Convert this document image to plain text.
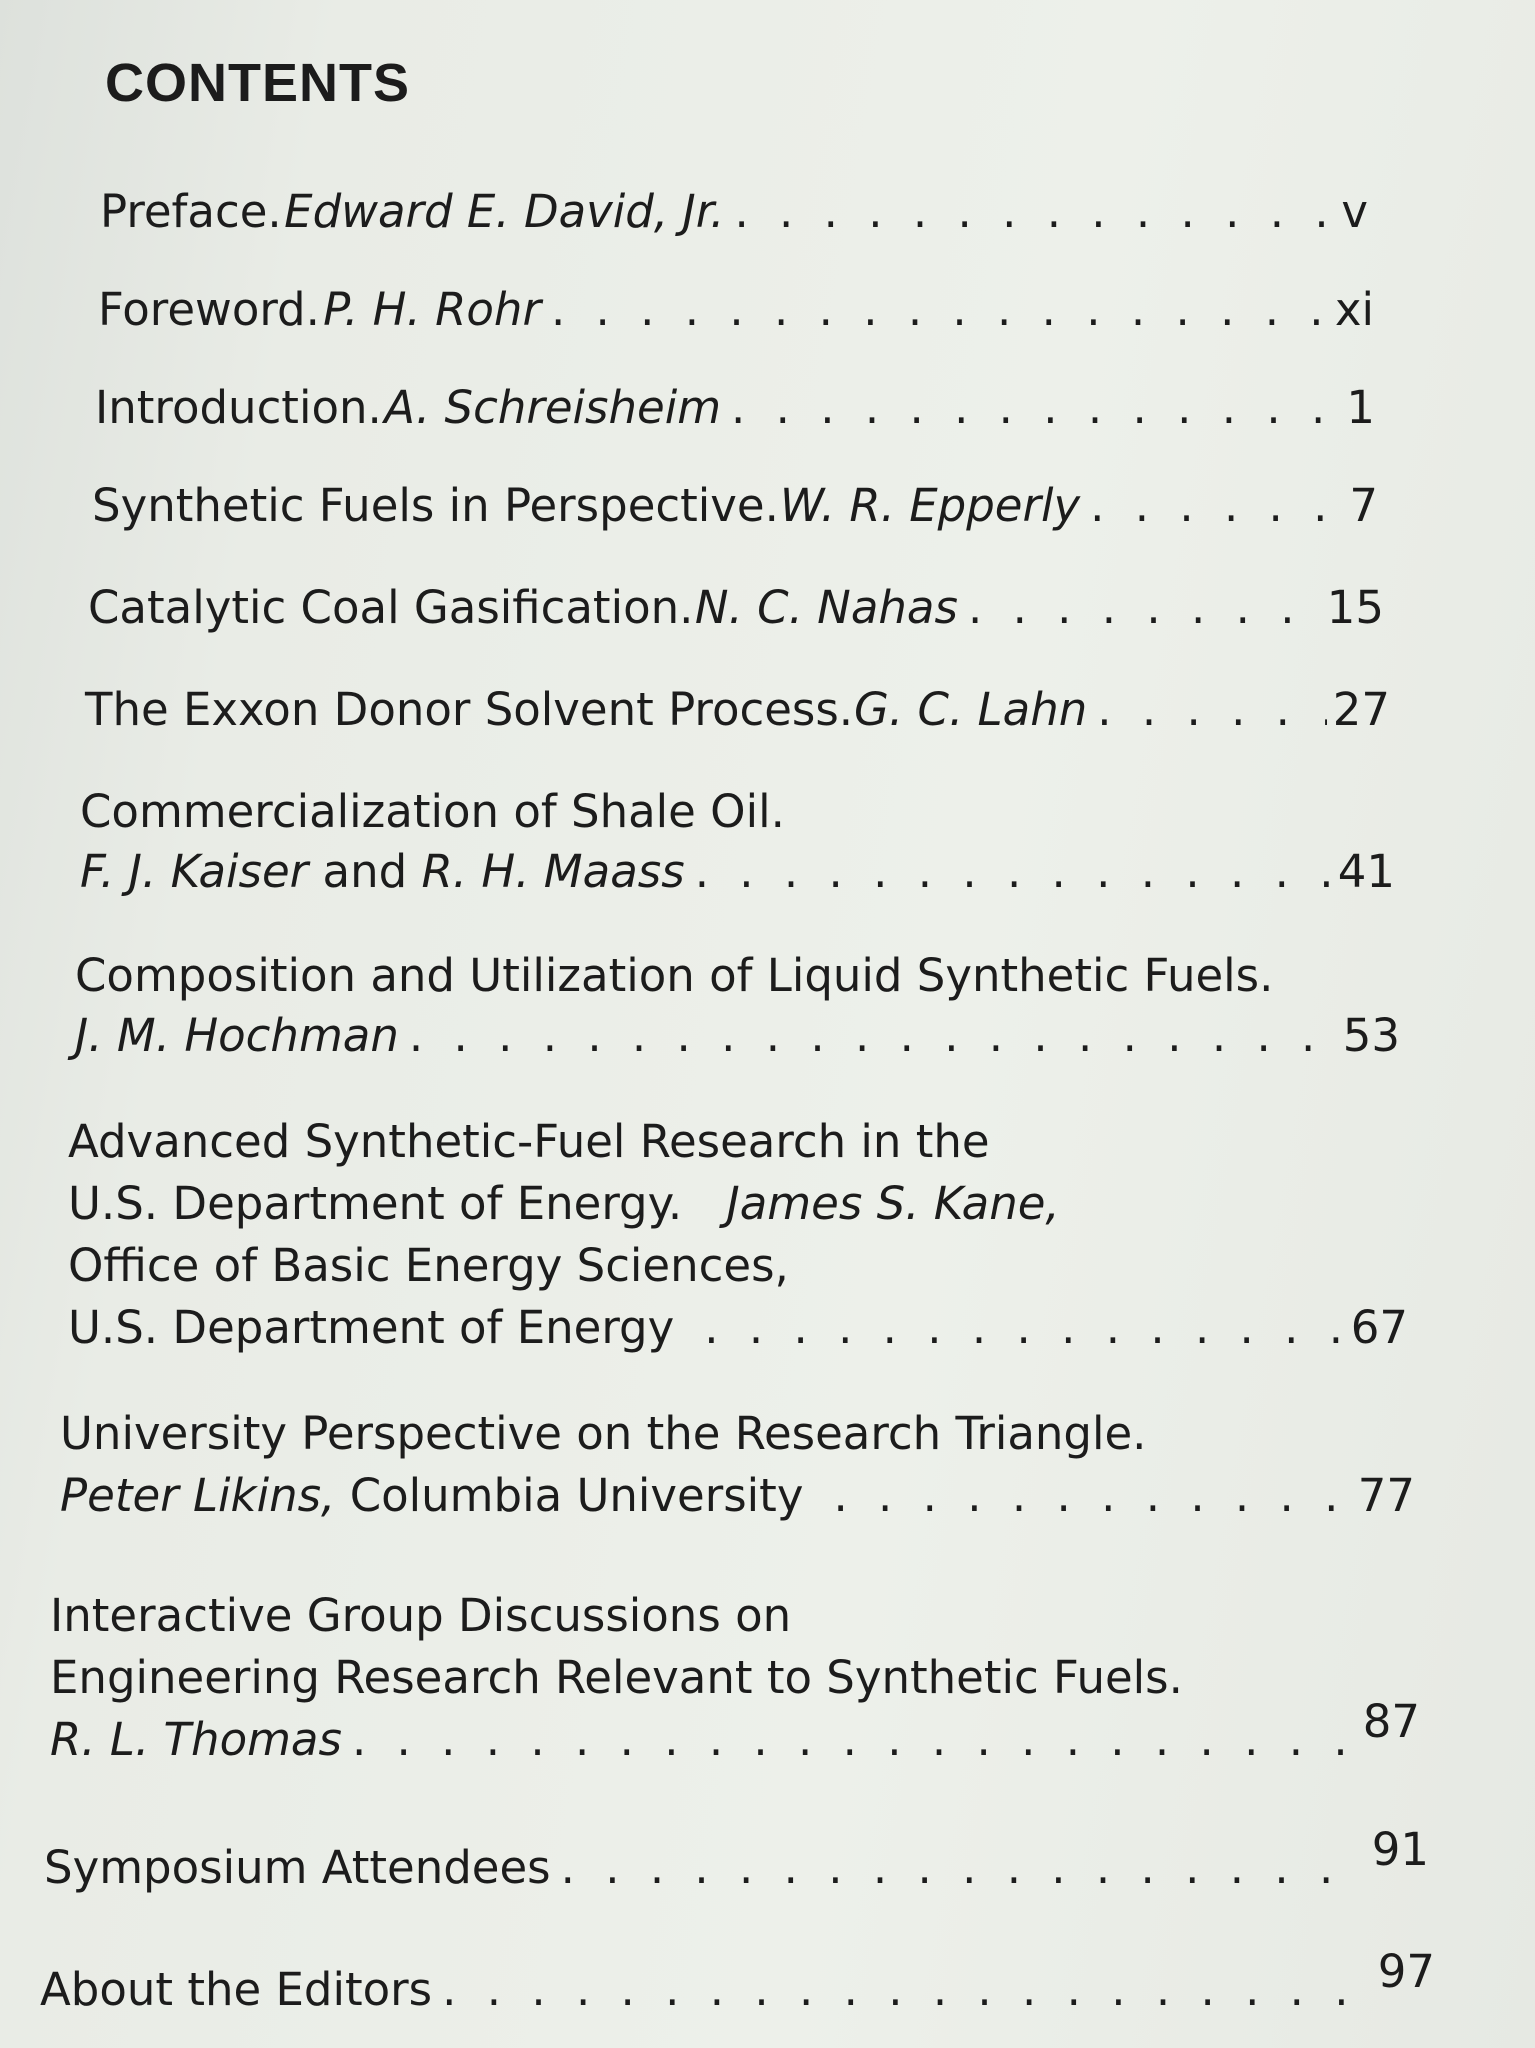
CONTENTS
Preface. Edward E. David, Jr. . . .	v
Foreword. P. H. Rohr . . .	xi
Introduction. A. Schreisheim . . .	1
Synthetic Fuels in Perspective. W. R. Epperly . . .	7
Catalytic Coal Gasification. N. C. Nahas . . .	15
The Exxon Donor Solvent Process. G. C. Lahn . . .	27
Commercialization of Shale Oil.
F. J. Kaiser
and
R. H. Maass . . .	41
Composition and Utilization of Liquid Synthetic Fuels.
J. M. Hochman . . .	53
Advanced Synthetic-Fuel Research in the
U.S. Department of Energy. James S. Kane,
Office of Basic Energy Sciences,
U.S. Department of Energy . . .	67
University Perspective on the Research Triangle.
Peter Likins,
Columbia University . . .	77
Interactive Group Discussions on
Engineering Research Relevant to Synthetic Fuels.
R. L. Thomas . . .	87
Symposium Attendees . . .	91
About the Editors . . .	97
